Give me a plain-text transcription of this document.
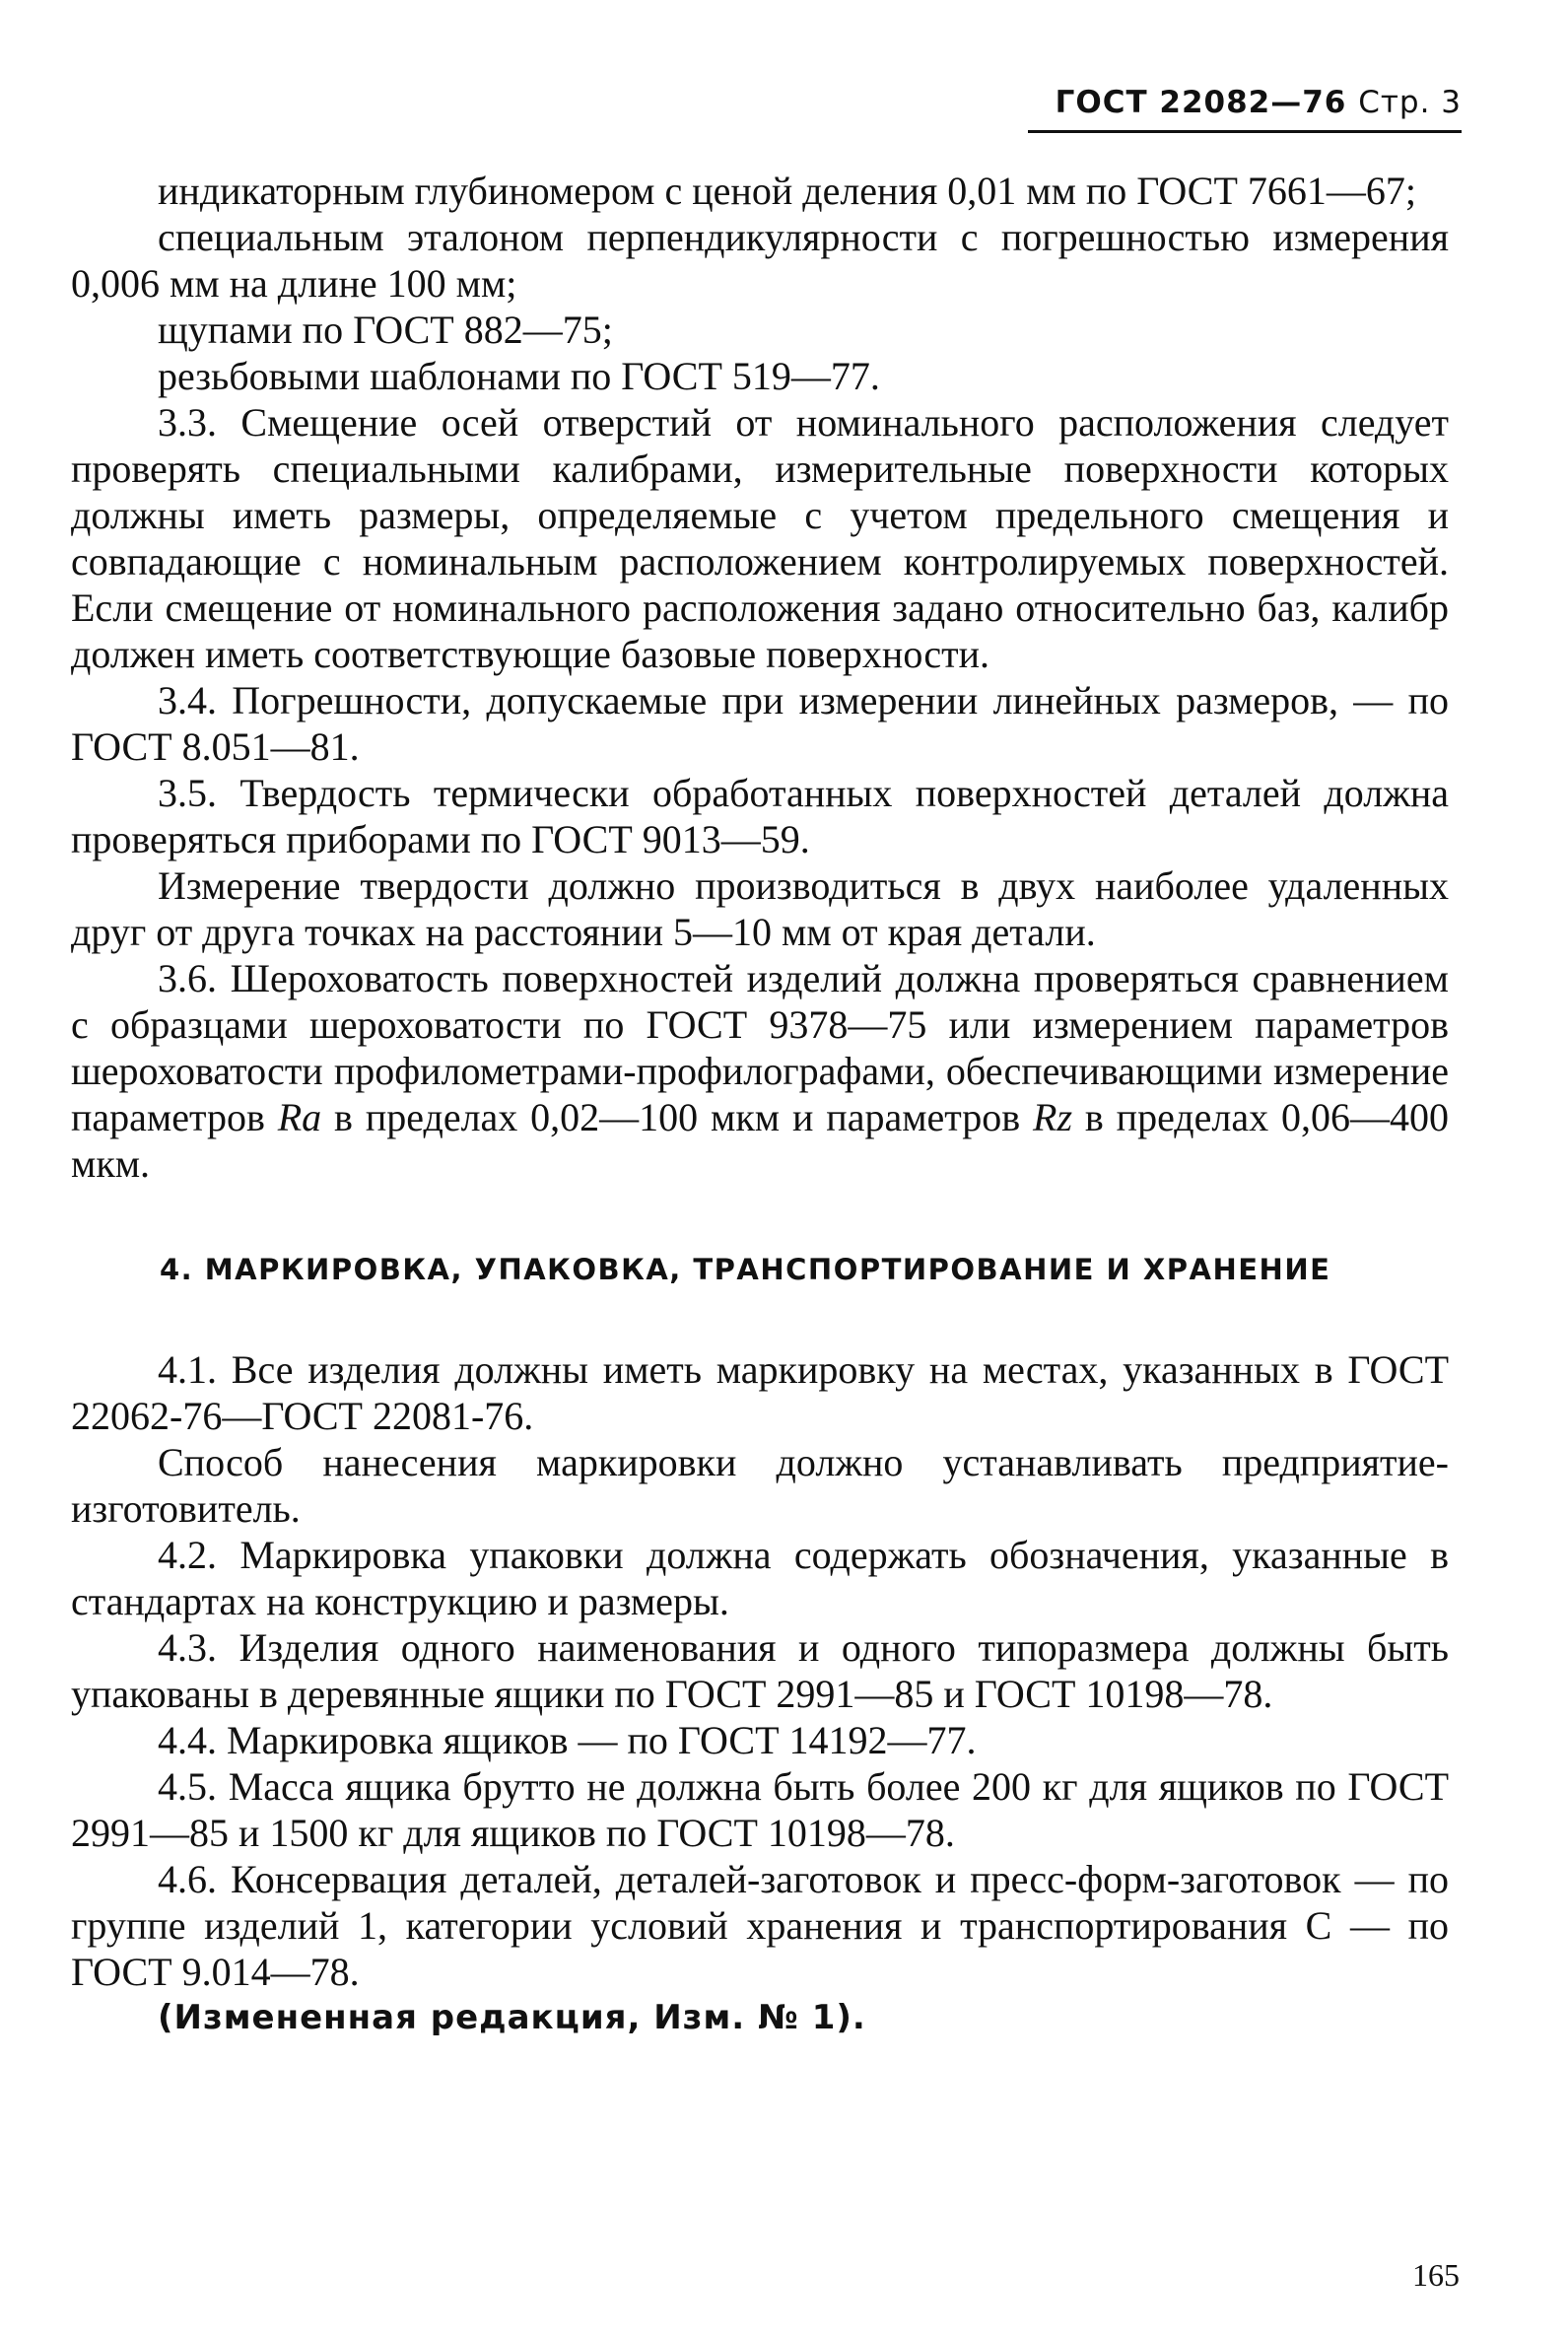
ГОСТ 22082—76 Стр. 3

индикаторным глубиномером с ценой деления 0,01 мм по ГОСТ 7661—67;

специальным эталоном перпендикулярности с погрешностью измерения 0,006 мм на длине 100 мм;

щупами по ГОСТ 882—75;

резьбовыми шаблонами по ГОСТ 519—77.

3.3. Смещение осей отверстий от номинального расположения следует проверять специальными калибрами, измерительные поверхности которых должны иметь размеры, определяемые с учетом предельного смещения и совпадающие с номинальным расположением контролируемых поверхностей. Если смещение от номинального расположения задано относительно баз, калибр должен иметь соответствующие базовые поверхности.

3.4. Погрешности, допускаемые при измерении линейных размеров, — по ГОСТ 8.051—81.

3.5. Твердость термически обработанных поверхностей деталей должна проверяться приборами по ГОСТ 9013—59.

Измерение твердости должно производиться в двух наиболее удаленных друг от друга точках на расстоянии 5—10 мм от края детали.

3.6. Шероховатость поверхностей изделий должна проверяться сравнением с образцами шероховатости по ГОСТ 9378—75 или измерением параметров шероховатости профилометрами-профилографами, обеспечивающими измерение параметров Ra в пределах 0,02—100 мкм и параметров Rz в пределах 0,06—400 мкм.

4. МАРКИРОВКА, УПАКОВКА, ТРАНСПОРТИРОВАНИЕ И ХРАНЕНИЕ

4.1. Все изделия должны иметь маркировку на местах, указанных в ГОСТ 22062-76—ГОСТ 22081-76.

Способ нанесения маркировки должно устанавливать предприятие-изготовитель.

4.2. Маркировка упаковки должна содержать обозначения, указанные в стандартах на конструкцию и размеры.

4.3. Изделия одного наименования и одного типоразмера должны быть упакованы в деревянные ящики по ГОСТ 2991—85 и ГОСТ 10198—78.

4.4. Маркировка ящиков — по ГОСТ 14192—77.

4.5. Масса ящика брутто не должна быть более 200 кг для ящиков по ГОСТ 2991—85 и 1500 кг для ящиков по ГОСТ 10198—78.

4.6. Консервация деталей, деталей-заготовок и пресс-форм-заготовок — по группе изделий 1, категории условий хранения и транспортирования С — по ГОСТ 9.014—78.

(Измененная редакция, Изм. № 1).

165
